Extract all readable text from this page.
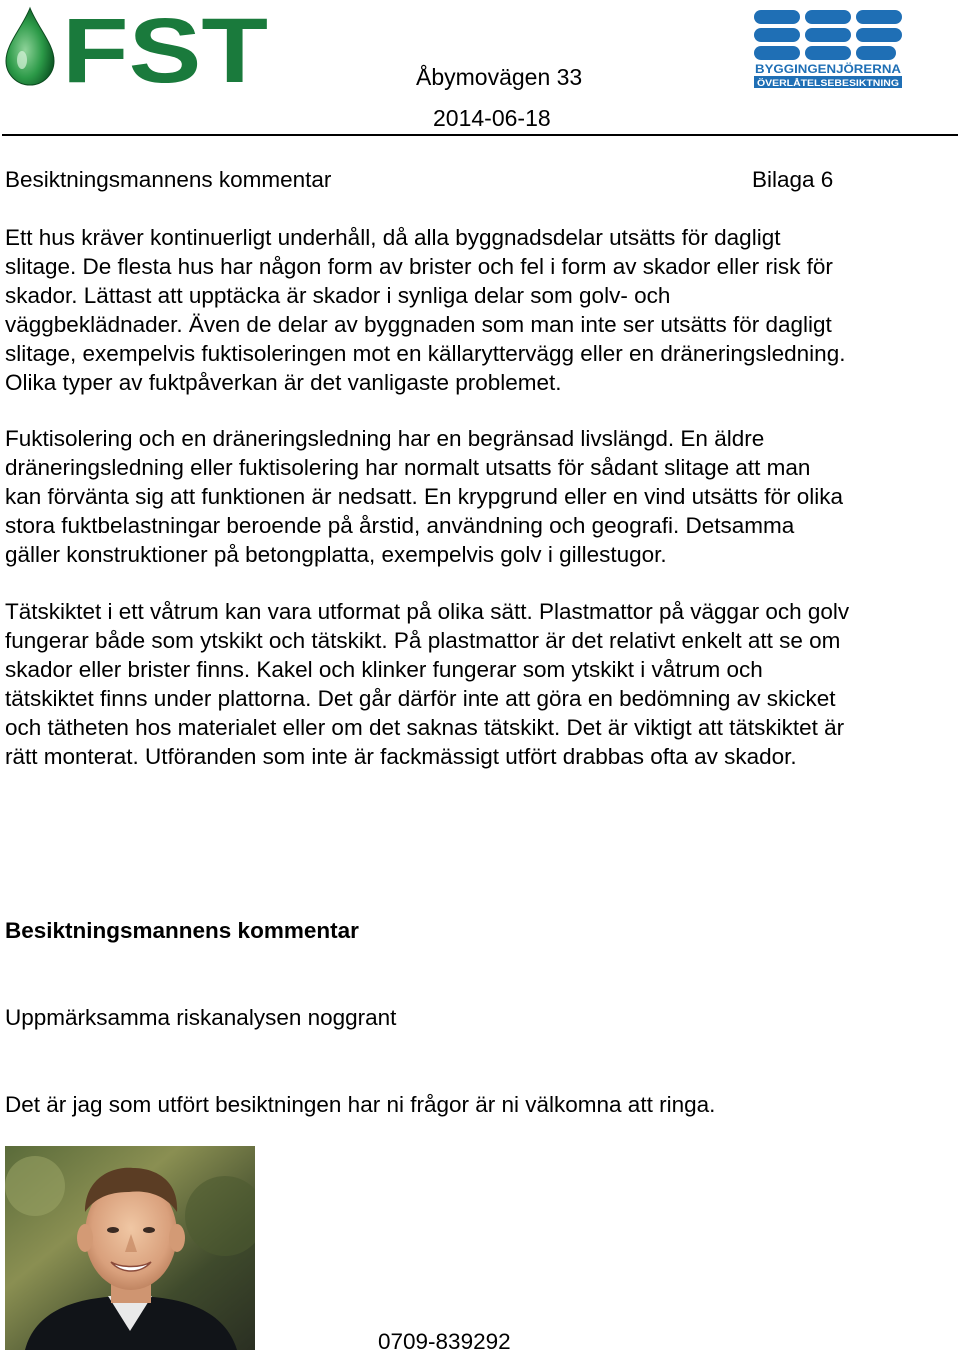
FST	BYGGINGENJÖRERNA
ÖVERLÅTELSEBESIKTNING
Åbymovägen 33
2014-06-18
Besiktningsmannens kommentar	Bilaga 6
Ett hus kräver kontinuerligt underhåll, då alla byggnadsdelar utsätts för dagligt
slitage. De flesta hus har någon form av brister och fel i form av skador eller risk för
skador. Lättast att upptäcka är skador i synliga delar som golv- och
väggbeklädnader. Även de delar av byggnaden som man inte ser utsätts för dagligt
slitage, exempelvis fuktisoleringen mot en källaryttervägg eller en dräneringsledning.
Olika typer av fuktpåverkan är det vanligaste problemet.
Fuktisolering och en dräneringsledning har en begränsad livslängd. En äldre
dräneringsledning eller fuktisolering har normalt utsatts för sådant slitage att man
kan förvänta sig att funktionen är nedsatt. En krypgrund eller en vind utsätts för olika
stora fuktbelastningar beroende på årstid, användning och geografi. Detsamma
gäller konstruktioner på betongplatta, exempelvis golv i gillestugor.
Tätskiktet i ett våtrum kan vara utformat på olika sätt. Plastmattor på väggar och golv
fungerar både som ytskikt och tätskikt. På plastmattor är det relativt enkelt att se om
skador eller brister finns. Kakel och klinker fungerar som ytskikt i våtrum och
tätskiktet finns under plattorna. Det går därför inte att göra en bedömning av skicket
och tätheten hos materialet eller om det saknas tätskikt. Det är viktigt att tätskiktet är
rätt monterat. Utföranden som inte är fackmässigt utfört drabbas ofta av skador.
Besiktningsmannens kommentar
Uppmärksamma riskanalysen noggrant
Det är jag som utfört besiktningen har ni frågor är ni välkomna att ringa.
0709-839292
